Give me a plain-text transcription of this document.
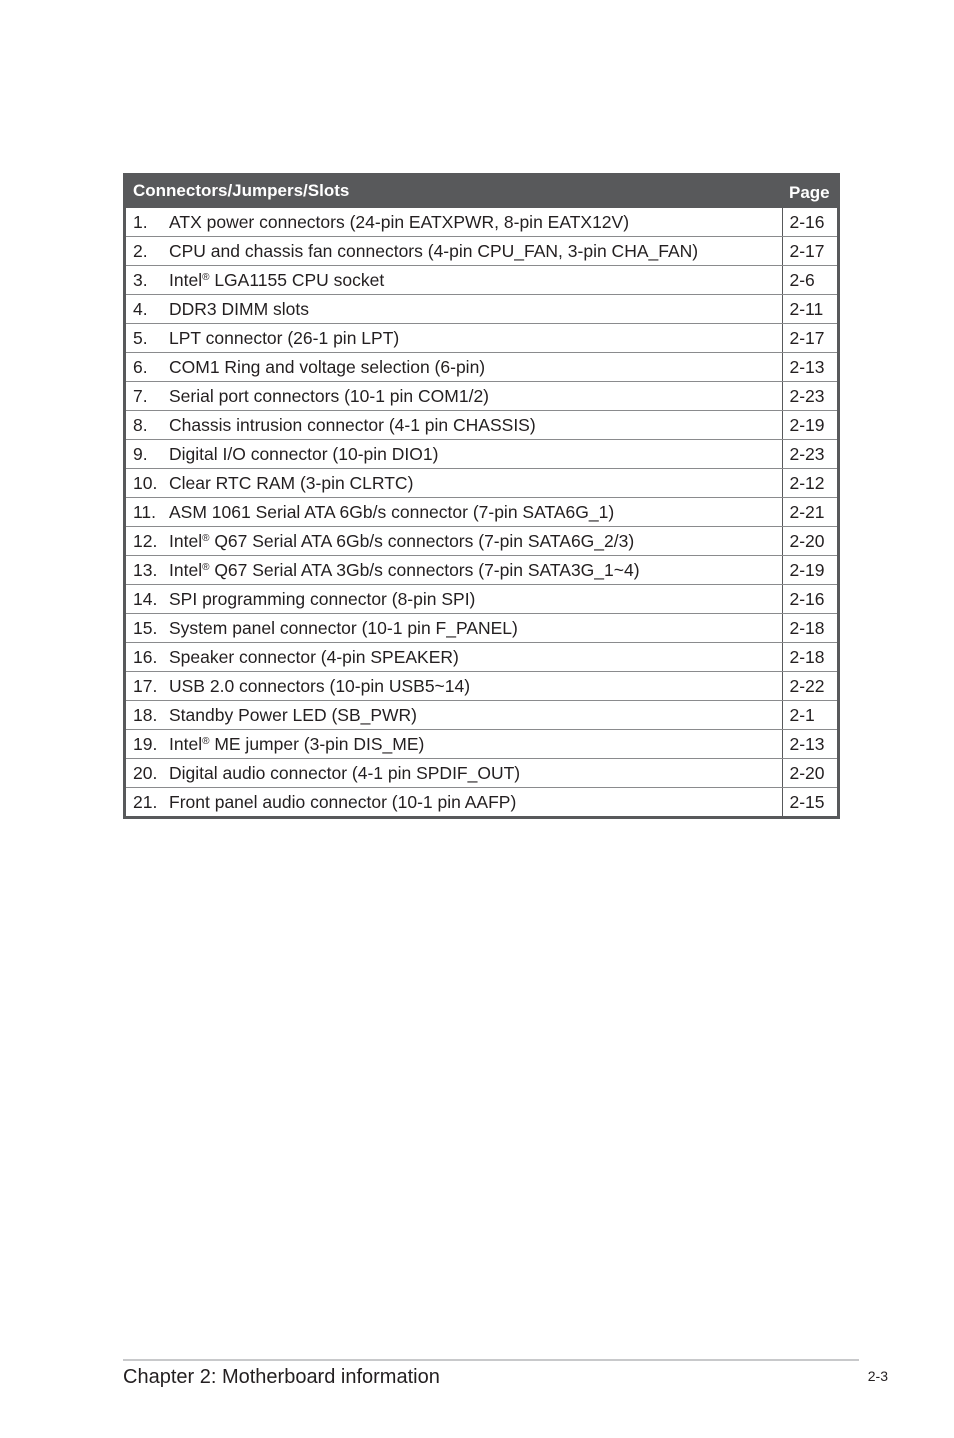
Connectors/Jumpers/Slots		Page
1.	ATX power connectors (24-pin EATXPWR, 8-pin EATX12V)	2-16
2.	CPU and chassis fan connectors (4-pin CPU_FAN, 3-pin CHA_FAN)	2-17
3.	Intel® LGA1155 CPU socket	2-6
4.	DDR3 DIMM slots	2-11
5.	LPT connector (26-1 pin LPT)	2-17
6.	COM1 Ring and voltage selection (6-pin)	2-13
7.	Serial port connectors (10-1 pin COM1/2)	2-23
8.	Chassis intrusion connector (4-1 pin CHASSIS)	2-19
9.	Digital I/O connector (10-pin DIO1)	2-23
10.	Clear RTC RAM (3-pin CLRTC)	2-12
11.	ASM 1061 Serial ATA 6Gb/s connector (7-pin SATA6G_1)	2-21
12.	Intel® Q67 Serial ATA 6Gb/s connectors (7-pin SATA6G_2/3)	2-20
13.	Intel® Q67 Serial ATA 3Gb/s connectors (7-pin SATA3G_1~4)	2-19
14.	SPI programming connector (8-pin SPI)	2-16
15.	System panel connector (10-1 pin F_PANEL)	2-18
16.	Speaker connector (4-pin SPEAKER)	2-18
17.	USB 2.0 connectors (10-pin USB5~14)	2-22
18.	Standby Power LED (SB_PWR)	2-1
19.	Intel® ME jumper (3-pin DIS_ME)	2-13
20.	Digital audio connector (4-1 pin SPDIF_OUT)	2-20
21.	Front panel audio connector (10-1 pin AAFP)	2-15
Chapter 2: Motherboard information	2-3
